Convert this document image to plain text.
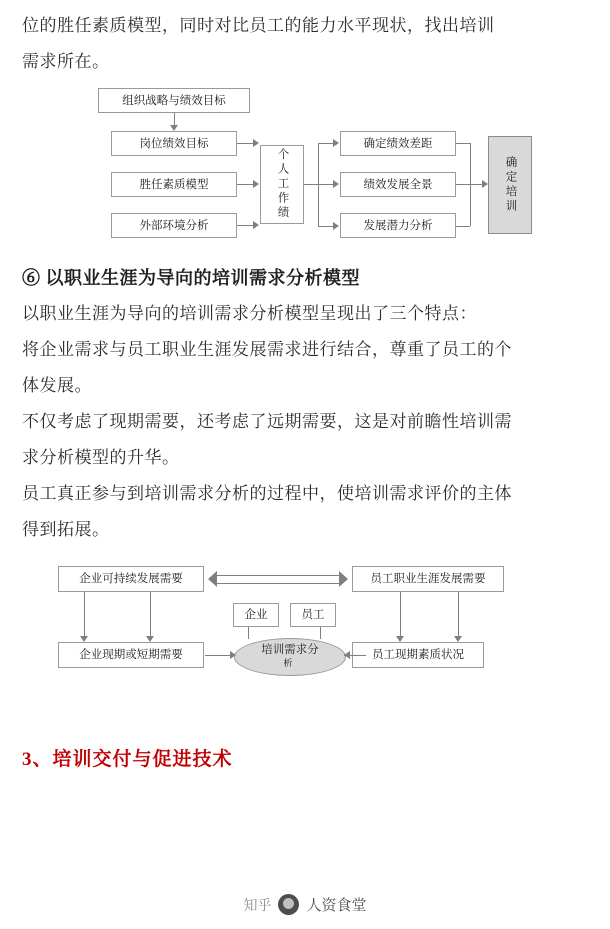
位的胜任素质模型，同时对比员工的能力水平现状，找出培训

需求所在。

组织战略与绩效目标
岗位绩效目标
胜任素质模型
外部环境分析
个人工作绩
确定绩效差距
绩效发展全景
发展潜力分析
确定培训

⑥ 以职业生涯为导向的培训需求分析模型

以职业生涯为导向的培训需求分析模型呈现出了三个特点：

将企业需求与员工职业生涯发展需求进行结合，尊重了员工的个

体发展。

不仅考虑了现期需要，还考虑了远期需要，这是对前瞻性培训需

求分析模型的升华。

员工真正参与到培训需求分析的过程中，使培训需求评价的主体

得到拓展。

企业可持续发展需要	员工职业生涯发展需要
企业	员工
企业现期或短期需要	员工现期素质状况
培训需求分
析

3、培训交付与促进技术

知乎 人资食堂
